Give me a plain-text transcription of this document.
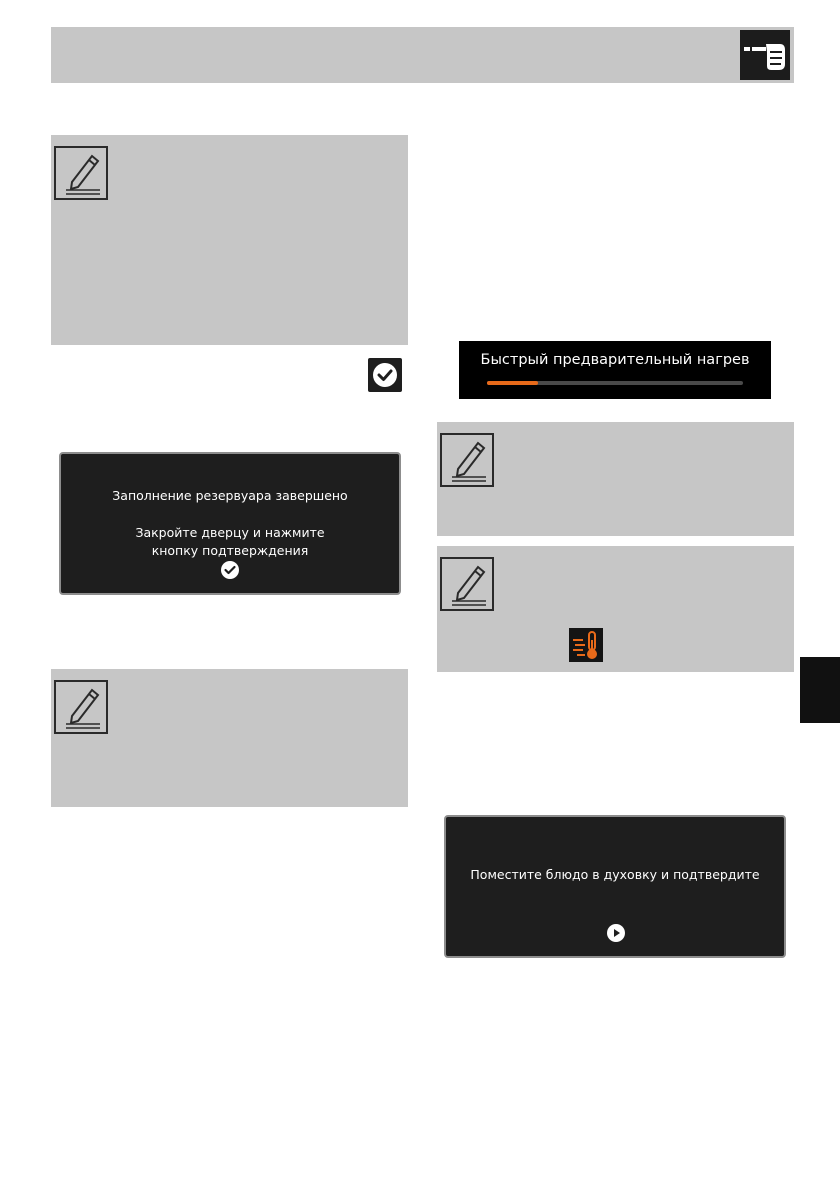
Заполнение резервуара завершено
Закройте дверцу и нажмите
кнопку подтверждения
Быстрый предварительный нагрев
Поместите блюдо в духовку и подтвердите
